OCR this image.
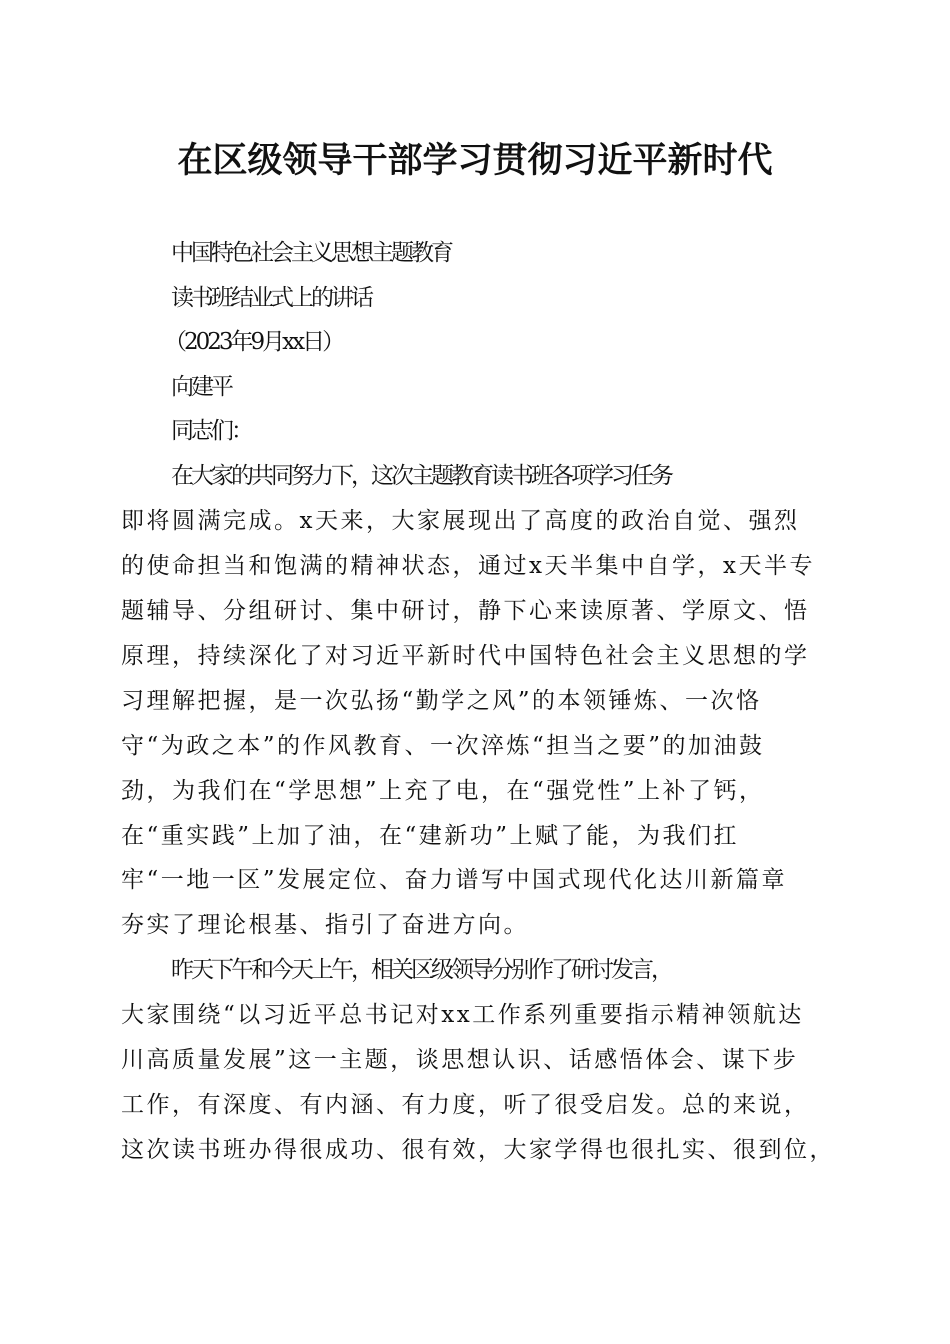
在区级领导干部学习贯彻习近平新时代
中国特色社会主义思想主题教育
读书班结业式上的讲话
（2023年9月xx日）
向建平
同志们：
在大家的共同努力下，这次主题教育读书班各项学习任务
即将圆满完成。x天来，大家展现出了高度的政治自觉、强烈
的使命担当和饱满的精神状态，通过x天半集中自学，x天半专
题辅导、分组研讨、集中研讨，静下心来读原著、学原文、悟
原理，持续深化了对习近平新时代中国特色社会主义思想的学
习理解把握，是一次弘扬“勤学之风”的本领锤炼、一次恪
守“为政之本”的作风教育、一次淬炼“担当之要”的加油鼓
劲，为我们在“学思想”上充了电，在“强党性”上补了钙，
在“重实践”上加了油，在“建新功”上赋了能，为我们扛
牢“一地一区”发展定位、奋力谱写中国式现代化达川新篇章
夯实了理论根基、指引了奋进方向。
昨天下午和今天上午，相关区级领导分别作了研讨发言，
大家围绕“以习近平总书记对xx工作系列重要指示精神领航达
川高质量发展”这一主题，谈思想认识、话感悟体会、谋下步
工作，有深度、有内涵、有力度，听了很受启发。总的来说，
这次读书班办得很成功、很有效，大家学得也很扎实、很到位，
